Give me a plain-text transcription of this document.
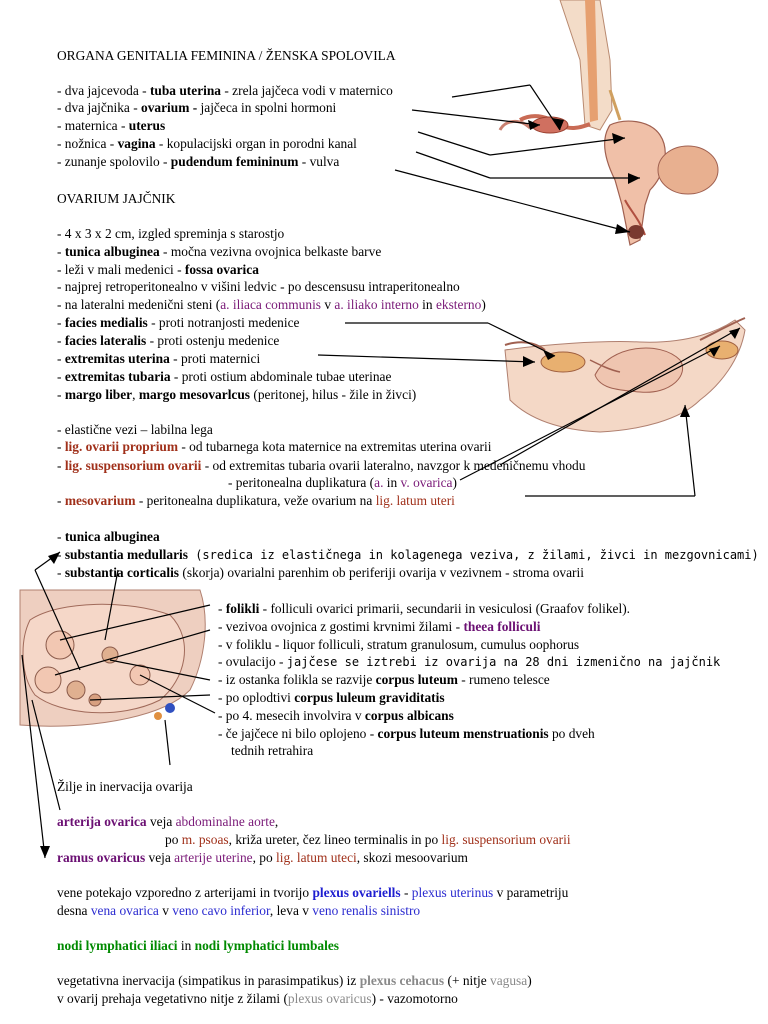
ORGANA GENITALIA FEMININA / ŽENSKA SPOLOVILA
- dva jajcevoda - tuba uterina - zrela jajčeca vodi v maternico
- dva jajčnika - ovarium - jajčeca in spolni hormoni
- maternica - uterus
- nožnica - vagina - kopulacijski organ in porodni kanal
- zunanje spolovilo - pudendum femininum - vulva
OVARIUM JAJČNIK
- 4 x 3 x 2 cm, izgled spreminja s starostjo
- tunica albuginea - močna vezivna ovojnica belkaste barve
- leži v mali medenici - fossa ovarica
- najprej retroperitonealno v višini ledvic - po descensusu intraperitonealno
- na lateralni medenični steni (a. iliaca communis v a. iliako interno in eksterno)
- facies medialis - proti notranjosti medenice
- facies lateralis - proti ostenju medenice
- extremitas uterina - proti maternici
- extremitas tubaria - proti ostium abdominale tubae uterinae
- margo liber, margo mesovarlcus (peritonej, hilus - žile in živci)
- elastične vezi – labilna lega
- lig. ovarii proprium - od tubarnega kota maternice na extremitas uterina ovarii
- lig. suspensorium ovarii - od extremitas tubaria ovarii lateralno, navzgor k medeničnemu vhodu
- peritonealna duplikatura (a. in v. ovarica)
- mesovarium - peritonealna duplikatura, veže ovarium na lig. latum uteri
- tunica albuginea
- substantia medullaris (sredica iz elastičnega in kolagenega veziva, z žilami, živci in mezgovnicami)
- substantia corticalis (skorja) ovarialni parenhim ob periferiji ovarija v vezivnem - stroma ovarii
- folikli - folliculi ovarici primarii, secundarii in vesiculosi (Graafov folikel).
- vezivoa ovojnica z gostimi krvnimi žilami - theea folliculi
- v foliklu - liquor folliculi, stratum granulosum, cumulus oophorus
- ovulacijo - jajčese se iztrebi iz ovarija na 28 dni izmenično na jajčnik
- iz ostanka folikla se razvije corpus luteum - rumeno telesce
- po oplodtivi corpus luleum graviditatis
- po 4. mesecih involvira v corpus albicans
- če jajčece ni bilo oplojeno - corpus luteum menstruationis po dveh
tednih retrahira
Žilje in inervacija ovarija
arterija ovarica veja abdominalne aorte,
po m. psoas, križa ureter, čez lineo terminalis in po lig. suspensorium ovarii
ramus ovaricus veja arterije uterine, po lig. latum uteci, skozi mesoovarium
vene potekajo vzporedno z arterijami in tvorijo plexus ovariells - plexus uterinus v parametriju
desna vena ovarica v veno cavo inferior, leva v veno renalis sinistro
nodi lymphatici iliaci in nodi lymphatici lumbales
vegetativna inervacija (simpatikus in parasimpatikus) iz plexus cehacus (+ nitje vagusa)
v ovarij prehaja vegetativno nitje z žilami (plexus ovaricus) - vazomotorno
